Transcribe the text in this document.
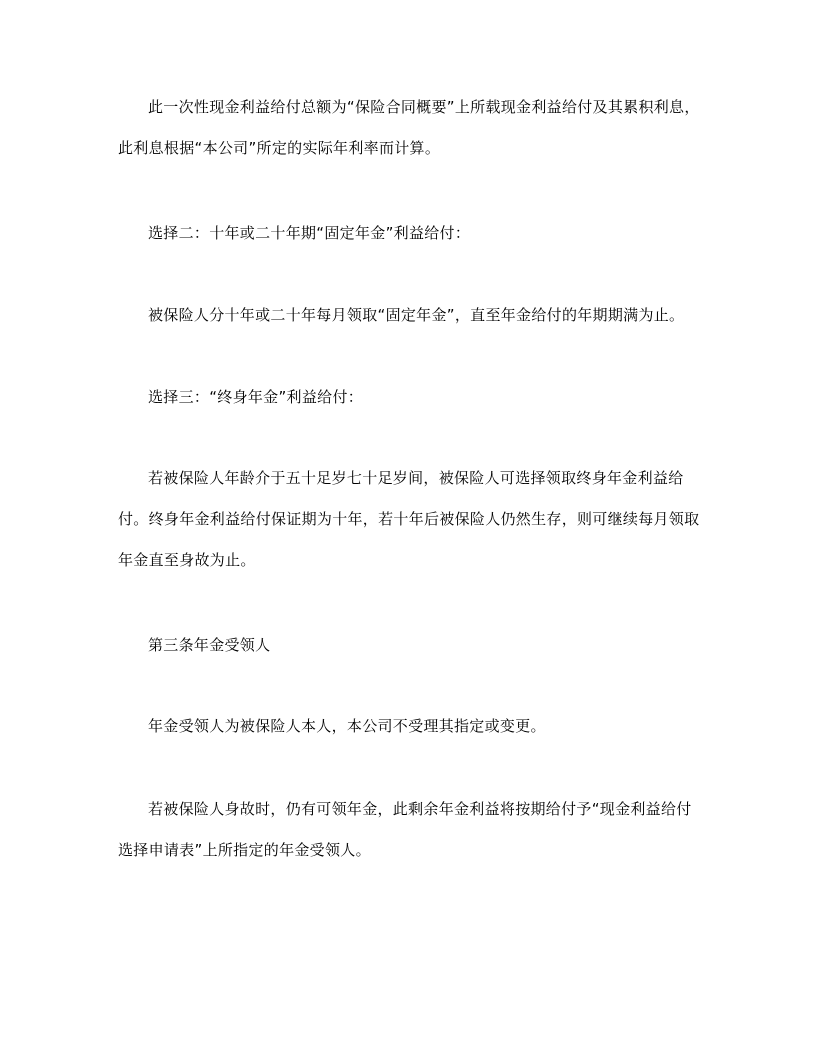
此一次性现金利益给付总额为“保险合同概要”上所载现金利益给付及其累积利息，此利息根据“本公司”所定的实际年利率而计算。

选择二：十年或二十年期“固定年金”利益给付：

被保险人分十年或二十年每月领取“固定年金”，直至年金给付的年期期满为止。

选择三：“终身年金”利益给付：

若被保险人年龄介于五十足岁七十足岁间，被保险人可选择领取终身年金利益给付。终身年金利益给付保证期为十年，若十年后被保险人仍然生存，则可继续每月领取年金直至身故为止。

第三条年金受领人

年金受领人为被保险人本人，本公司不受理其指定或变更。

若被保险人身故时，仍有可领年金，此剩余年金利益将按期给付予“现金利益给付选择申请表”上所指定的年金受领人。
